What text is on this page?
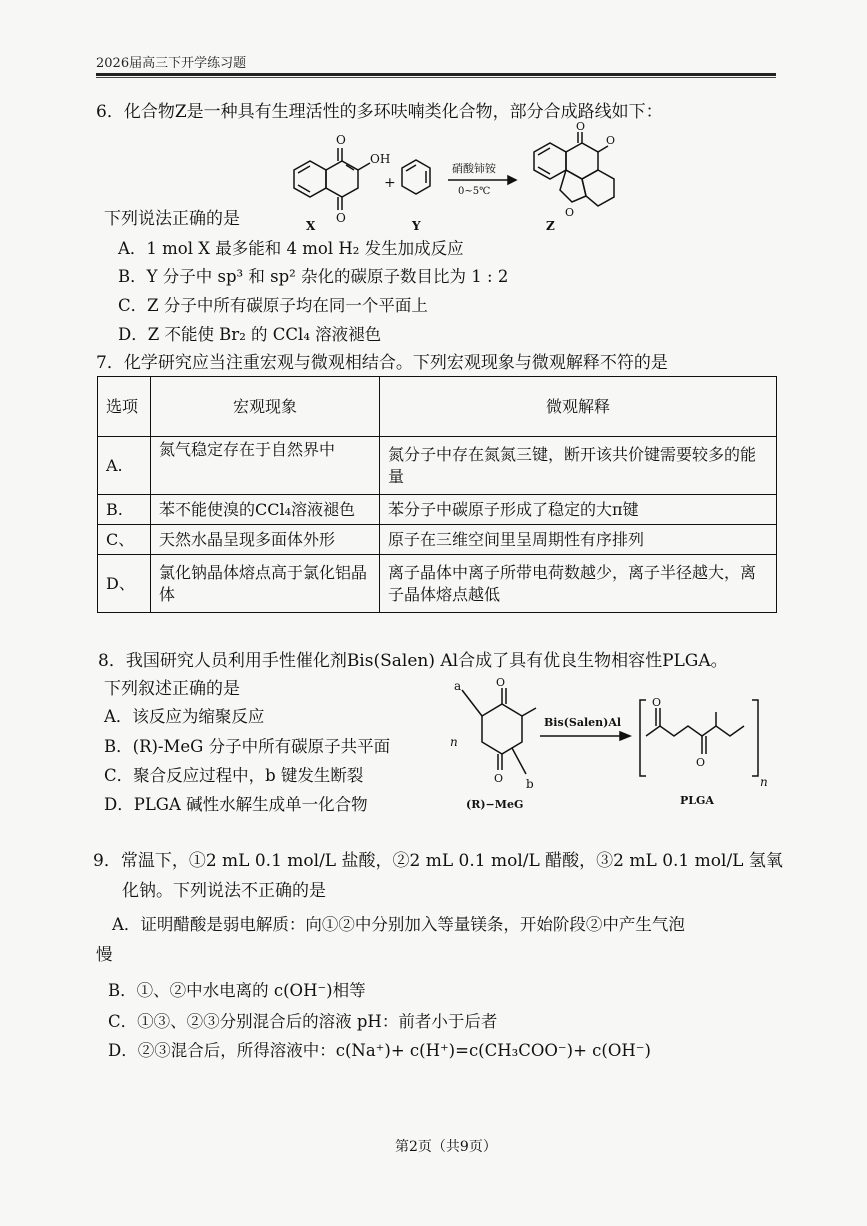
2026届高三下开学练习题
6．化合物Z是一种具有生理活性的多环呋喃类化合物，部分合成路线如下：
O
O
OH
X
+
Y
硝酸铈铵
0~5℃
O
O
O
Z
下列说法正确的是
A．1 mol X 最多能和 4 mol H₂ 发生加成反应
B．Y 分子中 sp³ 和 sp² 杂化的碳原子数目比为 1 : 2
C．Z 分子中所有碳原子均在同一个平面上
D．Z 不能使 Br₂ 的 CCl₄ 溶液褪色
7．化学研究应当注重宏观与微观相结合。下列宏观现象与微观解释不符的是
选项	宏观现象	微观解释
A.	氮气稳定存在于自然界中	氮分子中存在氮氮三键，断开该共价键需要较多的能量
B.	苯不能使溴的CCl₄溶液褪色	苯分子中碳原子形成了稳定的大π键
C、	天然水晶呈现多面体外形	原子在三维空间里呈周期性有序排列
D、	氯化钠晶体熔点高于氯化铝晶体	离子晶体中离子所带电荷数越少，离子半径越大，离子晶体熔点越低
8．我国研究人员利用手性催化剂Bis(Salen) Al合成了具有优良生物相容性PLGA。
下列叙述正确的是
A．该反应为缩聚反应
B．(R)-MeG 分子中所有碳原子共平面
C．聚合反应过程中，b 键发生断裂
D．PLGA 碱性水解生成单一化合物
O
O
a
b
n
(R)−MeG
Bis(Salen)Al
O
O
n
PLGA
9．常温下，①2 mL 0.1 mol/L 盐酸，②2 mL 0.1 mol/L 醋酸，③2 mL 0.1 mol/L 氢氧
化钠。下列说法不正确的是
A．证明醋酸是弱电解质：向①②中分别加入等量镁条，开始阶段②中产生气泡
慢
B．①、②中水电离的 c(OH⁻)相等
C．①③、②③分别混合后的溶液 pH：前者小于后者
D．②③混合后，所得溶液中：c(Na⁺)+ c(H⁺)=c(CH₃COO⁻)+ c(OH⁻)
第2页（共9页）
